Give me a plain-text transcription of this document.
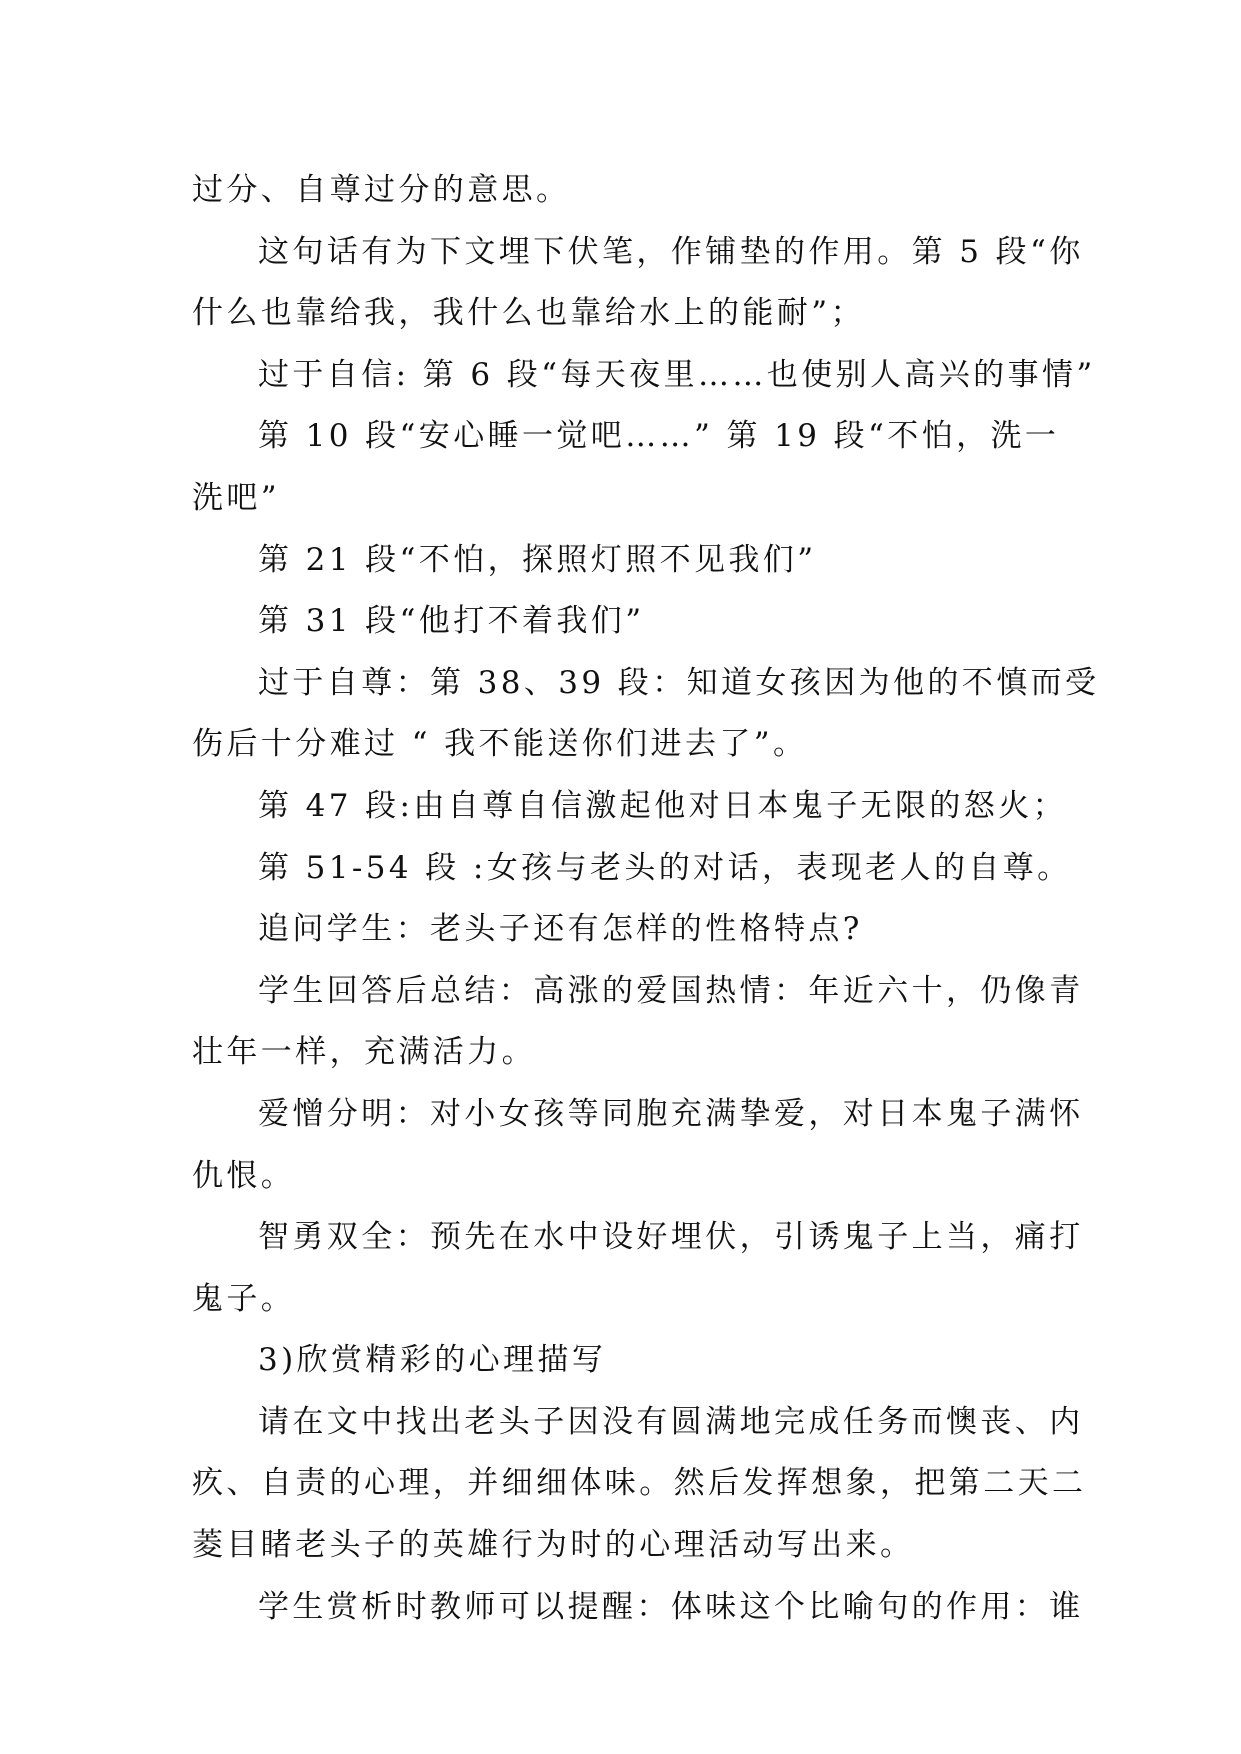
过分、自尊过分的意思。
这句话有为下文埋下伏笔，作铺垫的作用。第 5 段“你
什么也靠给我，我什么也靠给水上的能耐”；
过于自信: 第 6 段“每天夜里……也使别人高兴的事情”
第 10 段“安心睡一觉吧……” 第 19 段“不怕，洗一
洗吧”
第 21 段“不怕，探照灯照不见我们”
第 31 段“他打不着我们”
过于自尊：第 38、39 段：知道女孩因为他的不慎而受
伤后十分难过 “ 我不能送你们进去了”。
第 47 段:由自尊自信激起他对日本鬼子无限的怒火；
第 51-54 段 :女孩与老头的对话，表现老人的自尊。
追问学生：老头子还有怎样的性格特点?
学生回答后总结：高涨的爱国热情：年近六十，仍像青
壮年一样，充满活力。
爱憎分明：对小女孩等同胞充满挚爱，对日本鬼子满怀
仇恨。
智勇双全：预先在水中设好埋伏，引诱鬼子上当，痛打
鬼子。
3)欣赏精彩的心理描写
请在文中找出老头子因没有圆满地完成任务而懊丧、内
疚、自责的心理，并细细体味。然后发挥想象，把第二天二
菱目睹老头子的英雄行为时的心理活动写出来。
学生赏析时教师可以提醒：体味这个比喻句的作用：谁
